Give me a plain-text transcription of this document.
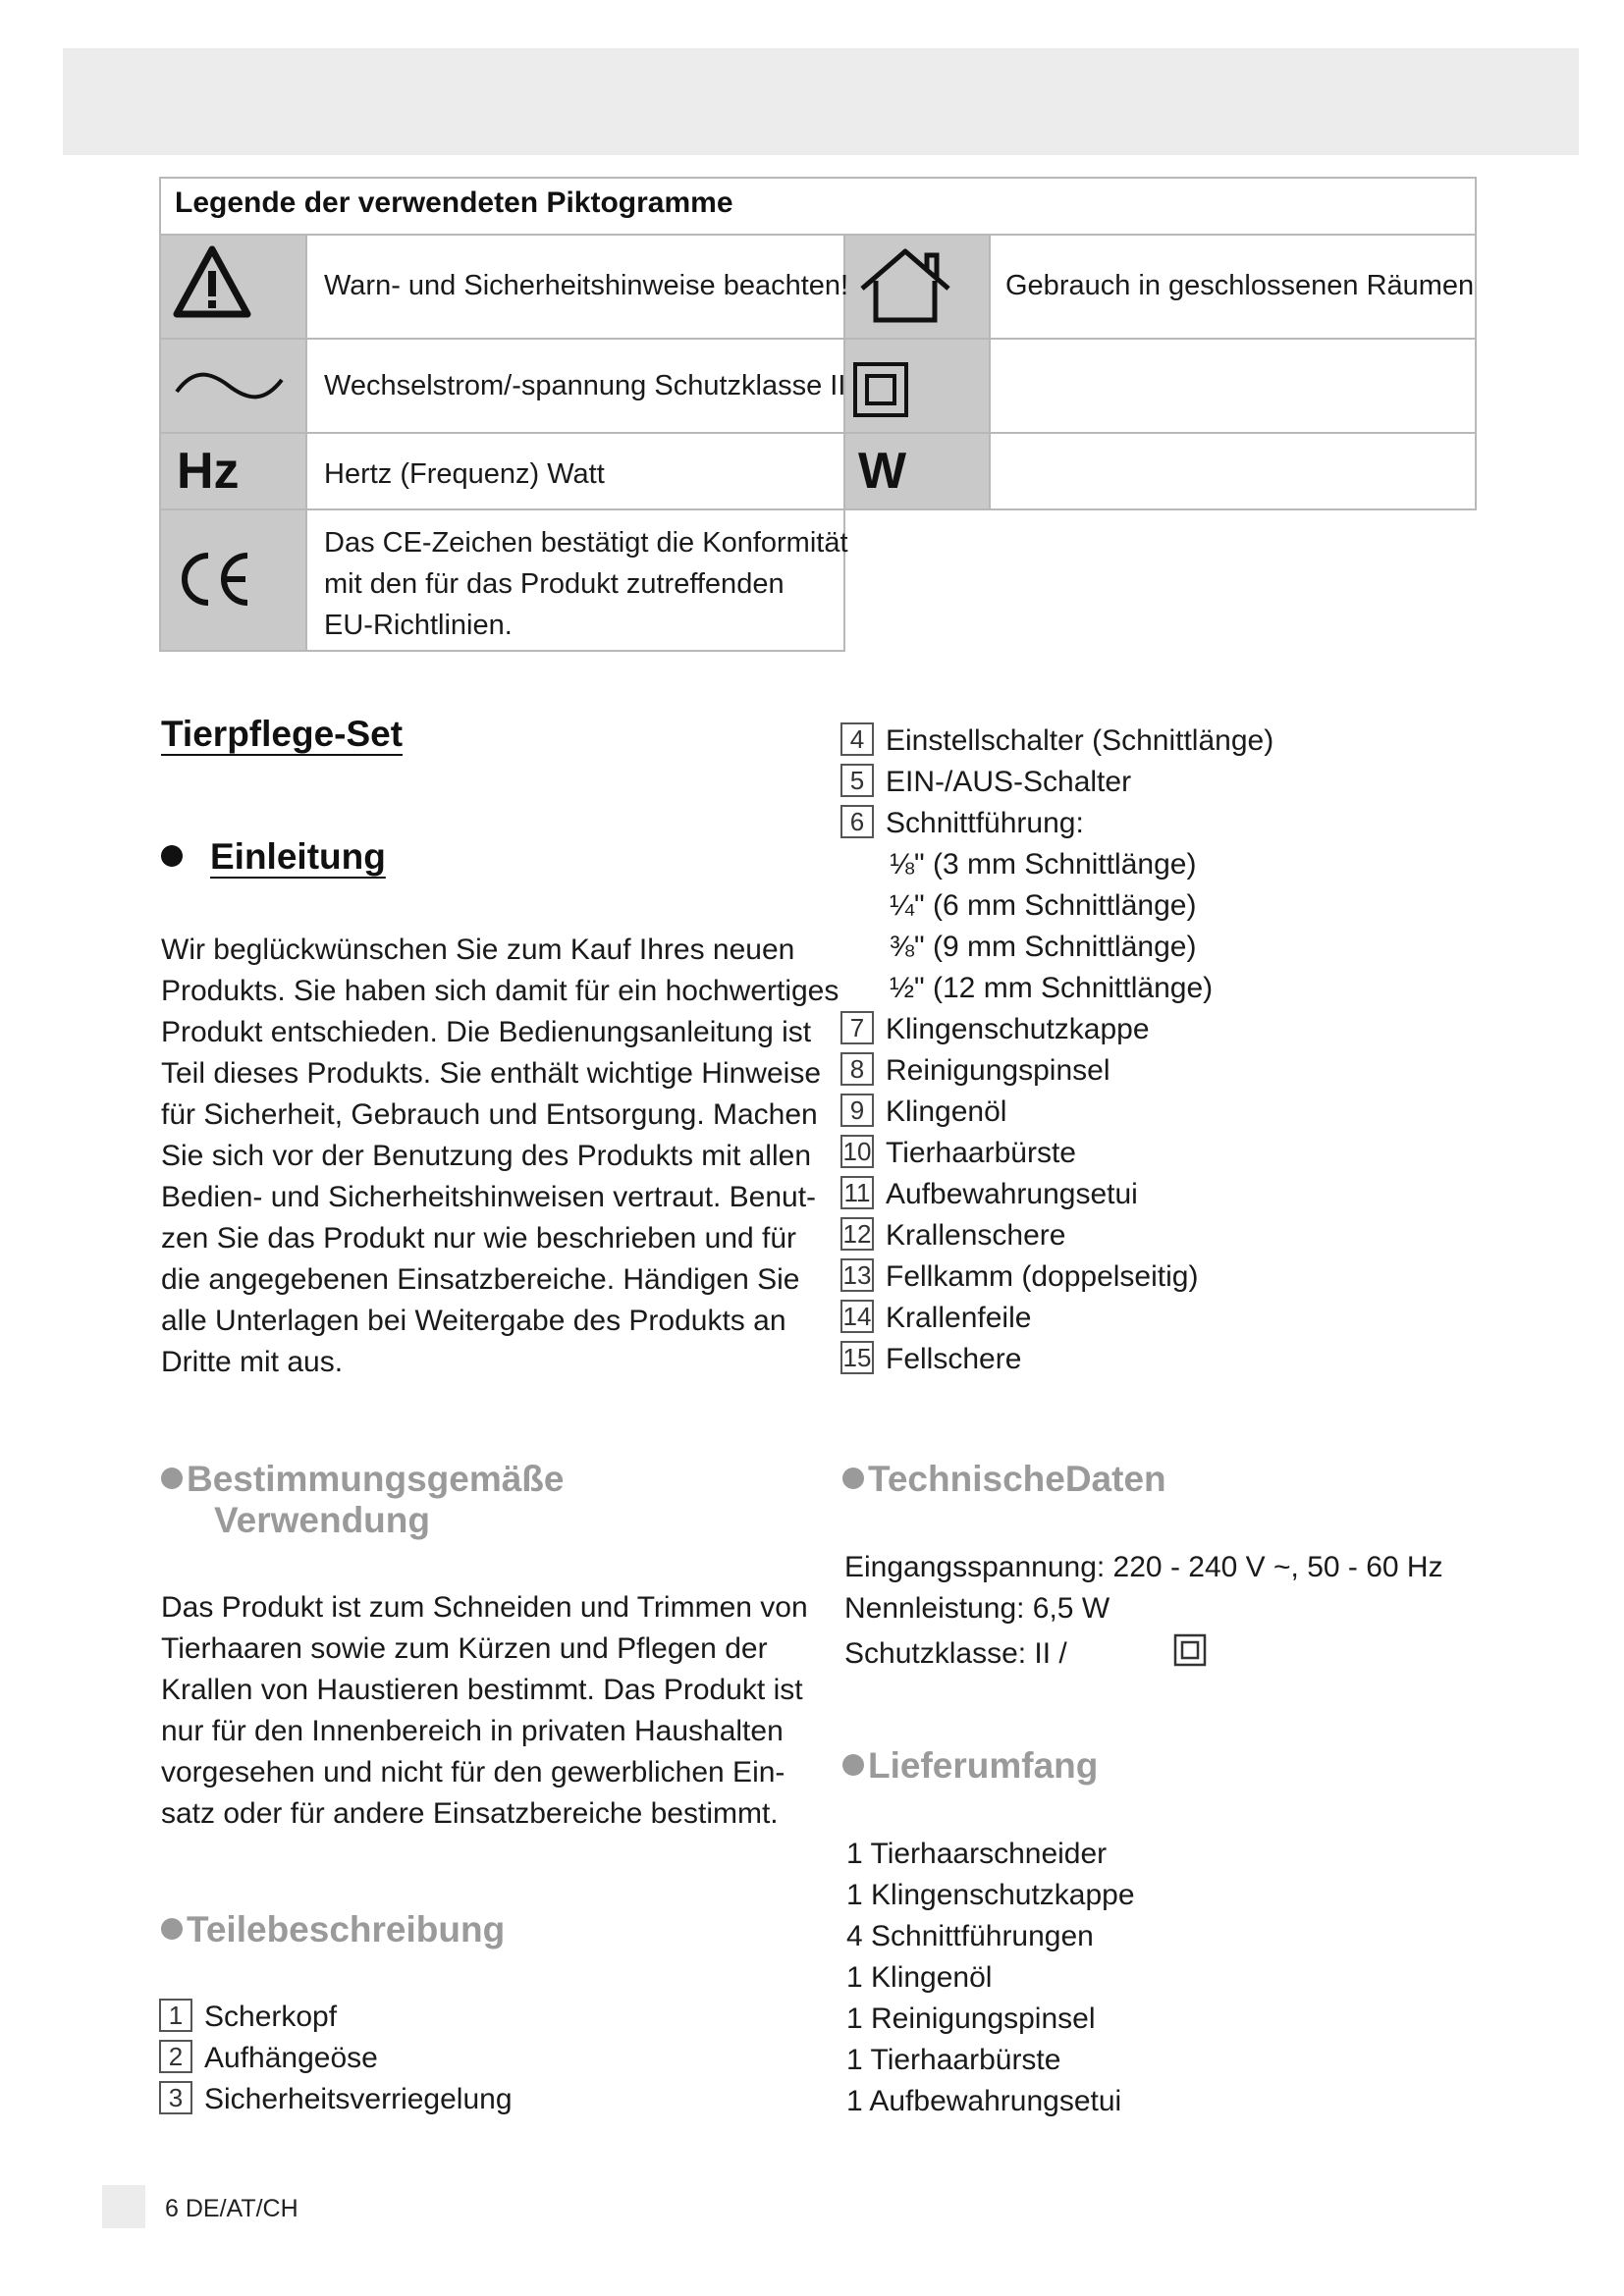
Legende der verwendeten Piktogramme
Warn- und Sicherheitshinweise beachten!	Gebrauch in geschlossenen Räumen
Wechselstrom/-spannung Schutzklasse II
Hz	Hertz (Frequenz) Watt	W
Das CE-Zeichen bestätigt die Konformität
mit den für das Produkt zutreffenden
EU-Richtlinien.
Tierpflege-Set
Einleitung
Wir beglückwünschen Sie zum Kauf Ihres neuen
Produkts. Sie haben sich damit für ein hochwertiges
Produkt entschieden. Die Bedienungsanleitung ist
Teil dieses Produkts. Sie enthält wichtige Hinweise
für Sicherheit, Gebrauch und Entsorgung. Machen
Sie sich vor der Benutzung des Produkts mit allen
Bedien- und Sicherheitshinweisen vertraut. Benut-
zen Sie das Produkt nur wie beschrieben und für
die angegebenen Einsatzbereiche. Händigen Sie
alle Unterlagen bei Weitergabe des Produkts an
Dritte mit aus.
Bestimmungsgemäße
Verwendung
Das Produkt ist zum Schneiden und Trimmen von
Tierhaaren sowie zum Kürzen und Pflegen der
Krallen von Haustieren bestimmt. Das Produkt ist
nur für den Innenbereich in privaten Haushalten
vorgesehen und nicht für den gewerblichen Ein-
satz oder für andere Einsatzbereiche bestimmt.
Teilebeschreibung
1 Scherkopf
2 Aufhängeöse
3 Sicherheitsverriegelung
4 Einstellschalter (Schnittlänge)
5 EIN-/AUS-Schalter
6 Schnittführung:
⅛" (3 mm Schnittlänge)
¼" (6 mm Schnittlänge)
⅜" (9 mm Schnittlänge)
½" (12 mm Schnittlänge)
7 Klingenschutzkappe
8 Reinigungspinsel
9 Klingenöl
10 Tierhaarbürste
11 Aufbewahrungsetui
12 Krallenschere
13 Fellkamm (doppelseitig)
14 Krallenfeile
15 Fellschere
TechnischeDaten
Eingangsspannung: 220 - 240 V ~, 50 - 60 Hz
Nennleistung: 6,5 W
Schutzklasse: II /
Lieferumfang
1 Tierhaarschneider
1 Klingenschutzkappe
4 Schnittführungen
1 Klingenöl
1 Reinigungspinsel
1 Tierhaarbürste
1 Aufbewahrungsetui
6 DE/AT/CH
